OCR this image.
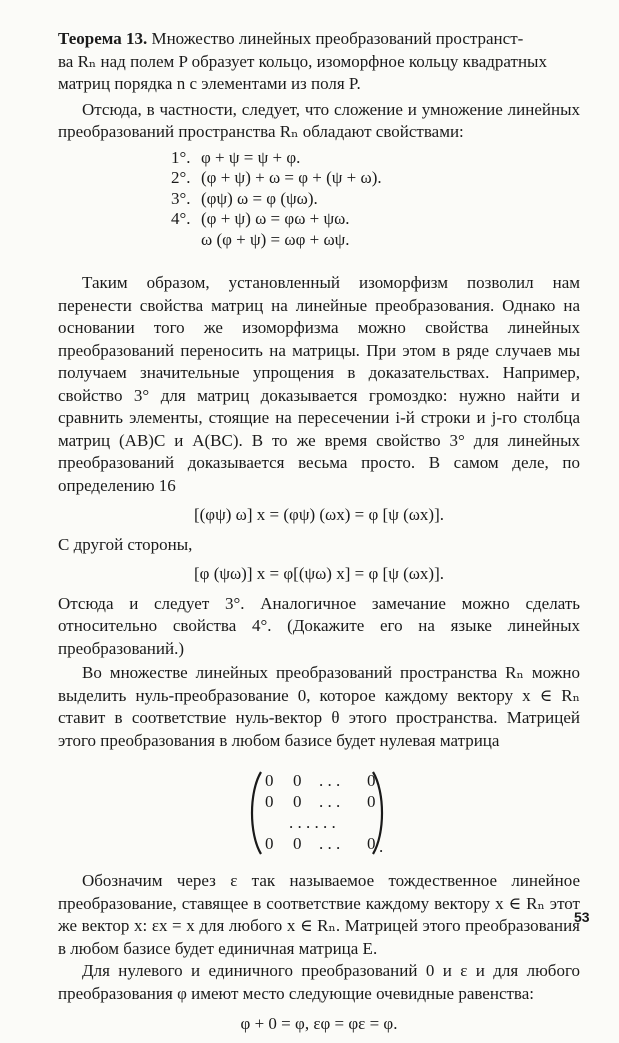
Теорема 13. Множество линейных преобразований пространст-
ва Rₙ над полем P образует кольцо, изоморфное кольцу квадратных
матриц порядка n с элементами из поля P.

Отсюда, в частности, следует, что сложение и умножение линейных преобразований пространства Rₙ обладают свойствами:

1°. φ + ψ = ψ + φ.
2°. (φ + ψ) + ω = φ + (ψ + ω).
3°. (φψ) ω = φ (ψω).
4°. (φ + ψ) ω = φω + ψω.
ω (φ + ψ) = ωφ + ωψ.

Таким образом, установленный изоморфизм позволил нам перенести свойства матриц на линейные преобразования. Однако на основании того же изоморфизма можно свойства линейных преобразований переносить на матрицы. При этом в ряде случаев мы получаем значительные упрощения в доказательствах. Например, свойство 3° для матриц доказывается громоздко: нужно найти и сравнить элементы, стоящие на пересечении i-й строки и j-го столбца матриц (AB)C и A(BC). В то же время свойство 3° для линейных преобразований доказывается весьма просто. В самом деле, по определению 16

[(φψ) ω] x = (φψ) (ωx) = φ [ψ (ωx)].

С другой стороны,

[φ (ψω)] x = φ[(ψω) x] = φ [ψ (ωx)].

Отсюда и следует 3°. Аналогичное замечание можно сделать относительно свойства 4°. (Докажите его на языке линейных преобразований.)

Во множестве линейных преобразований пространства Rₙ можно выделить нуль-преобразование 0, которое каждому вектору x ∈ Rₙ ставит в соответствие нуль-вектор θ этого пространства. Матрицей этого преобразования в любом базисе будет нулевая матрица

0 0 . . . 0
0 0 . . . 0
. . . . . .
0 0 . . . 0 .

Обозначим через ε так называемое тождественное линейное преобразование, ставящее в соответствие каждому вектору x ∈ Rₙ этот же вектор x: εx = x для любого x ∈ Rₙ. Матрицей этого преобразования в любом базисе будет единичная матрица E.

Для нулевого и единичного преобразований 0 и ε и для любого преобразования φ имеют место следующие очевидные равенства:

φ + 0 = φ, εφ = φε = φ.
53
